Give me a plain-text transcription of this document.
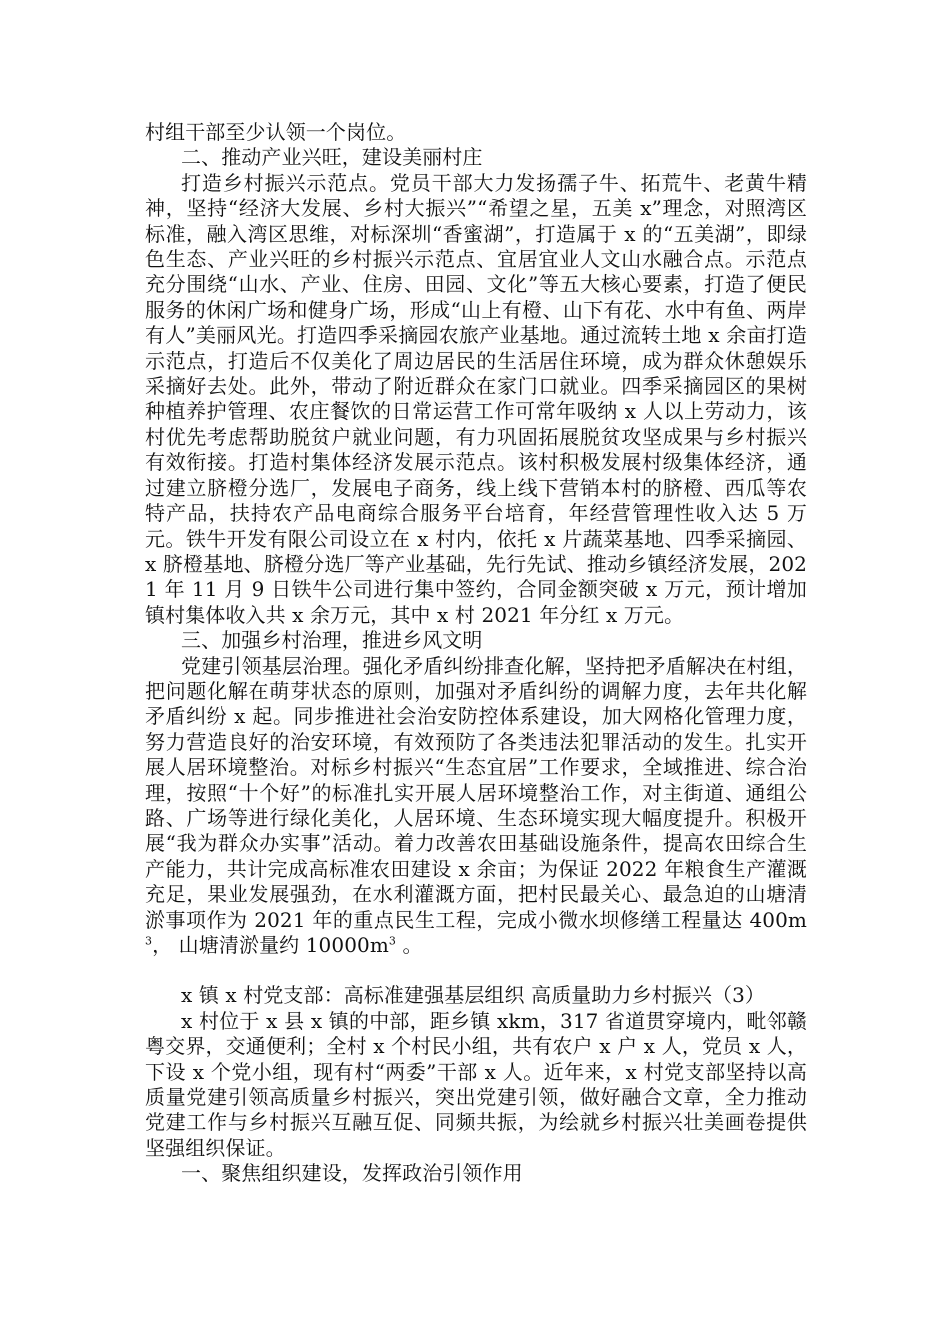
村组干部至少认领一个岗位。

二、推动产业兴旺，建设美丽村庄

打造乡村振兴示范点。党员干部大力发扬孺子牛、拓荒牛、老黄牛精神，坚持“经济大发展、乡村大振兴”“希望之星，五美 x”理念，对照湾区标准，融入湾区思维，对标深圳“香蜜湖”，打造属于 x 的“五美湖”，即绿色生态、产业兴旺的乡村振兴示范点、宜居宜业人文山水融合点。示范点充分围绕“山水、产业、住房、田园、文化”等五大核心要素，打造了便民服务的休闲广场和健身广场，形成“山上有橙、山下有花、水中有鱼、两岸有人”美丽风光。打造四季采摘园农旅产业基地。通过流转土地 x 余亩打造示范点，打造后不仅美化了周边居民的生活居住环境，成为群众休憩娱乐采摘好去处。此外，带动了附近群众在家门口就业。四季采摘园区的果树种植养护管理、农庄餐饮的日常运营工作可常年吸纳 x 人以上劳动力，该村优先考虑帮助脱贫户就业问题，有力巩固拓展脱贫攻坚成果与乡村振兴有效衔接。打造村集体经济发展示范点。该村积极发展村级集体经济，通过建立脐橙分选厂，发展电子商务，线上线下营销本村的脐橙、西瓜等农特产品，扶持农产品电商综合服务平台培育，年经营管理性收入达 5 万元。铁牛开发有限公司设立在 x 村内，依托 x 片蔬菜基地、四季采摘园、x 脐橙基地、脐橙分选厂等产业基础，先行先试、推动乡镇经济发展，2021 年 11 月 9 日铁牛公司进行集中签约，合同金额突破 x 万元，预计增加镇村集体收入共 x 余万元，其中 x 村 2021 年分红 x 万元。

三、加强乡村治理，推进乡风文明

党建引领基层治理。强化矛盾纠纷排查化解，坚持把矛盾解决在村组，把问题化解在萌芽状态的原则，加强对矛盾纠纷的调解力度，去年共化解矛盾纠纷 x 起。同步推进社会治安防控体系建设，加大网格化管理力度，努力营造良好的治安环境，有效预防了各类违法犯罪活动的发生。扎实开展人居环境整治。对标乡村振兴“生态宜居”工作要求，全域推进、综合治理，按照“十个好”的标准扎实开展人居环境整治工作，对主街道、通组公路、广场等进行绿化美化，人居环境、生态环境实现大幅度提升。积极开展“我为群众办实事”活动。着力改善农田基础设施条件，提高农田综合生产能力，共计完成高标准农田建设 x 余亩；为保证 2022 年粮食生产灌溉充足，果业发展强劲，在水利灌溉方面，把村民最关心、最急迫的山塘清淤事项作为 2021 年的重点民生工程，完成小微水坝修缮工程量达 $400m^3$， 山塘清淤量约 $10000m^3$ 。

x 镇 x 村党支部：高标准建强基层组织 高质量助力乡村振兴（3）

x 村位于 x 县 x 镇的中部，距乡镇 xkm，317 省道贯穿境内，毗邻赣粤交界，交通便利；全村 x 个村民小组，共有农户 x 户 x 人，党员 x 人，下设 x 个党小组，现有村“两委”干部 x 人。近年来，x 村党支部坚持以高质量党建引领高质量乡村振兴，突出党建引领，做好融合文章，全力推动党建工作与乡村振兴互融互促、同频共振，为绘就乡村振兴壮美画卷提供坚强组织保证。

一、聚焦组织建设，发挥政治引领作用
